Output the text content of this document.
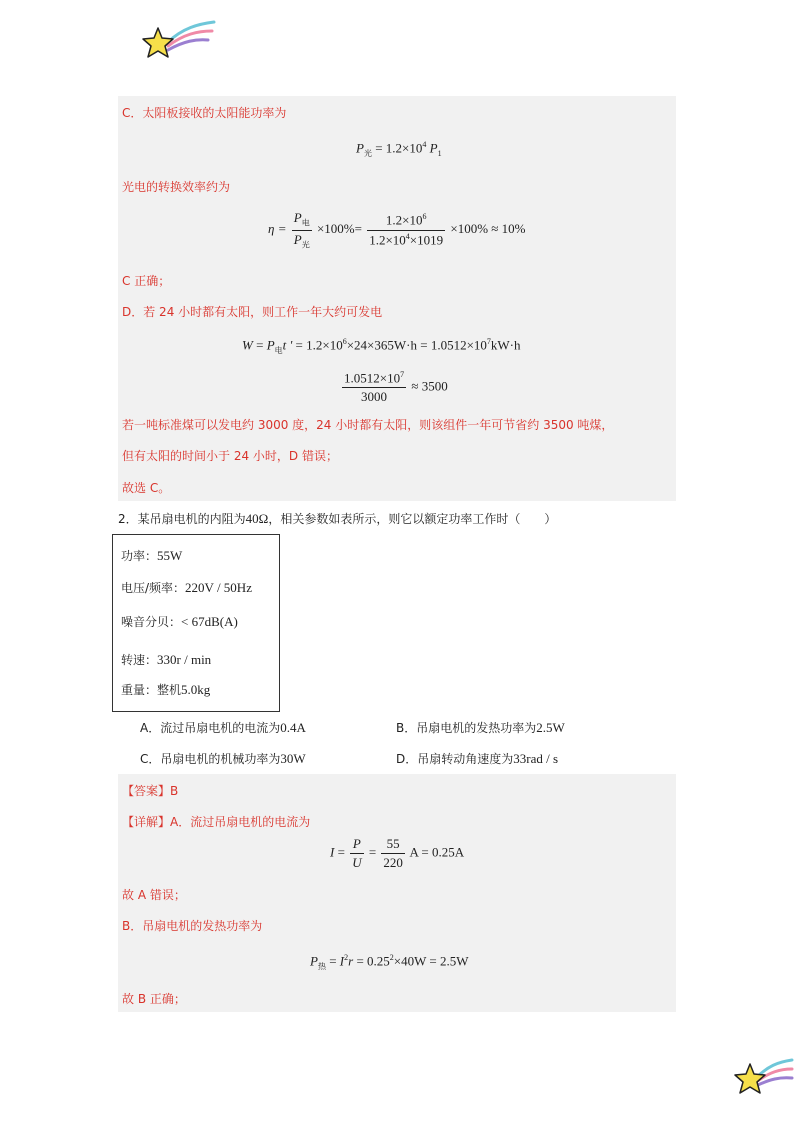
C．太阳板接收的太阳能功率为
$P_光 = 1.2\times 10^4$ $P_1$
光电的转换效率约为
$\eta = \frac{P_电}{P_光} \times 100\%= \frac{1.2\times 10^6}{1.2\times 10^4\times 1019} \times 100\% \approx 10\%$
C 正确；
D．若 24 小时都有太阳，则工作一年大约可发电
$W = P_电t$ ' = $1.2\times 10^6\times 24\times 365W\cdot h = 1.0512\times 10^7kW\cdot h$
$\frac{1.0512\times 10^7}{3000} \approx 3500$
若一吨标准煤可以发电约 3000 度，24 小时都有太阳，则该组件一年可节省约 3500 吨煤，
但有太阳的时间小于 24 小时，D 错误；
故选 C。
2．某吊扇电机的内阻为40Ω，相关参数如表所示，则它以额定功率工作时（　　）
功率：55W
电压/频率：220V / 50Hz
噪音分贝：< 67dB(A)
转速：330r / min
重量：整机5.0kg
A．流过吊扇电机的电流为0.4A	B．吊扇电机的发热功率为2.5W
C．吊扇电机的机械功率为30W	D．吊扇转动角速度为33rad / s
【答案】B
【详解】A．流过吊扇电机的电流为
$I = \frac{P}{U} = \frac{55}{220}$ A = 0.25A
故 A 错误；
B．吊扇电机的发热功率为
$P_热 = I^2r = 0.25^2\times 40W = 2.5W$
故 B 正确；
